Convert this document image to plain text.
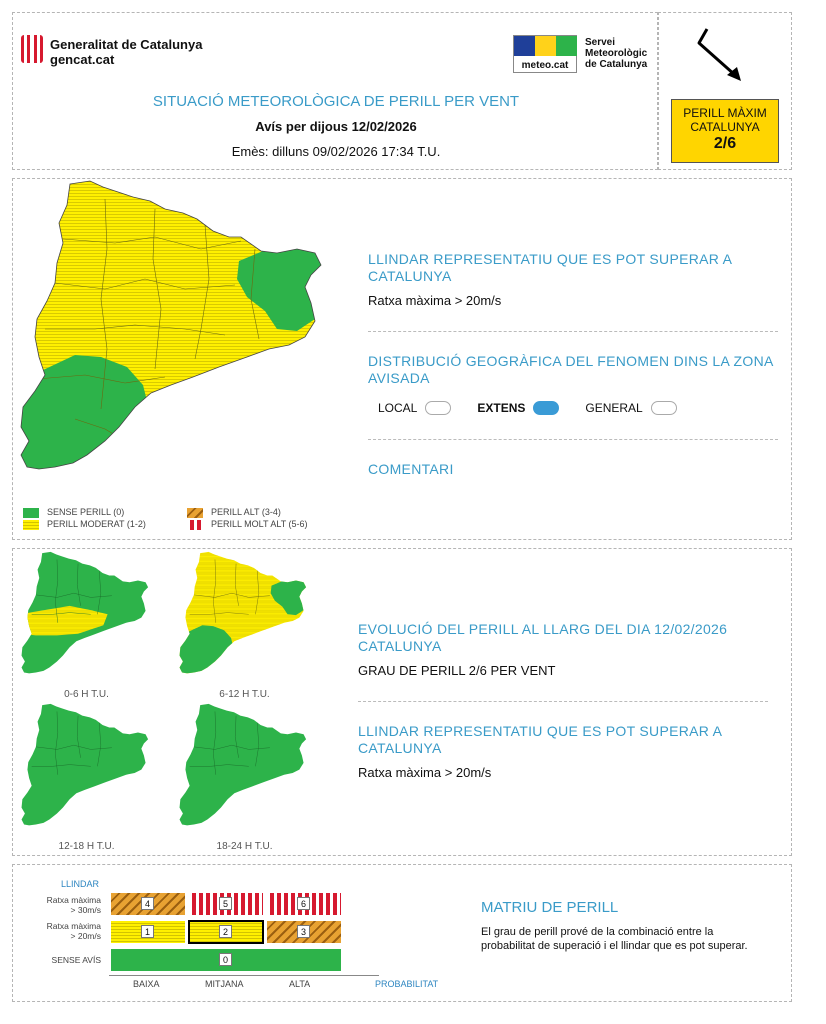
Generalitat de Catalunya
gencat.cat	meteo.cat
Servei
Meteorològic
de Catalunya
SITUACIÓ METEOROLÒGICA DE PERILL PER VENT
Avís per dijous 12/02/2026
Emès: dilluns 09/02/2026 17:34 T.U.
PERILL MÀXIM
CATALUNYA
2/6
SENSE PERILL (0)
PERILL MODERAT (1-2)
PERILL ALT (3-4)
PERILL MOLT ALT (5-6)
LLINDAR REPRESENTATIU QUE ES POT SUPERAR A CATALUNYA
Ratxa màxima > 20m/s
DISTRIBUCIÓ GEOGRÀFICA DEL FENOMEN DINS LA ZONA AVISADA
LOCAL	EXTENS	GENERAL
COMENTARI
0-6 H T.U.	6-12 H T.U.
12-18 H T.U.	18-24 H T.U.
EVOLUCIÓ DEL PERILL AL LLARG DEL DIA 12/02/2026 CATALUNYA
GRAU DE PERILL 2/6 PER VENT
LLINDAR REPRESENTATIU QUE ES POT SUPERAR A CATALUNYA
Ratxa màxima > 20m/s
LLINDAR
Ratxa màxima
> 30m/s
Ratxa màxima
> 20m/s
SENSE AVÍS
4	5	6
1	2	3
0
BAIXA	MITJANA	ALTA	PROBABILITAT
MATRIU DE PERILL
El grau de perill prové de la combinació entre la probabilitat de superació i el llindar que es pot superar.
